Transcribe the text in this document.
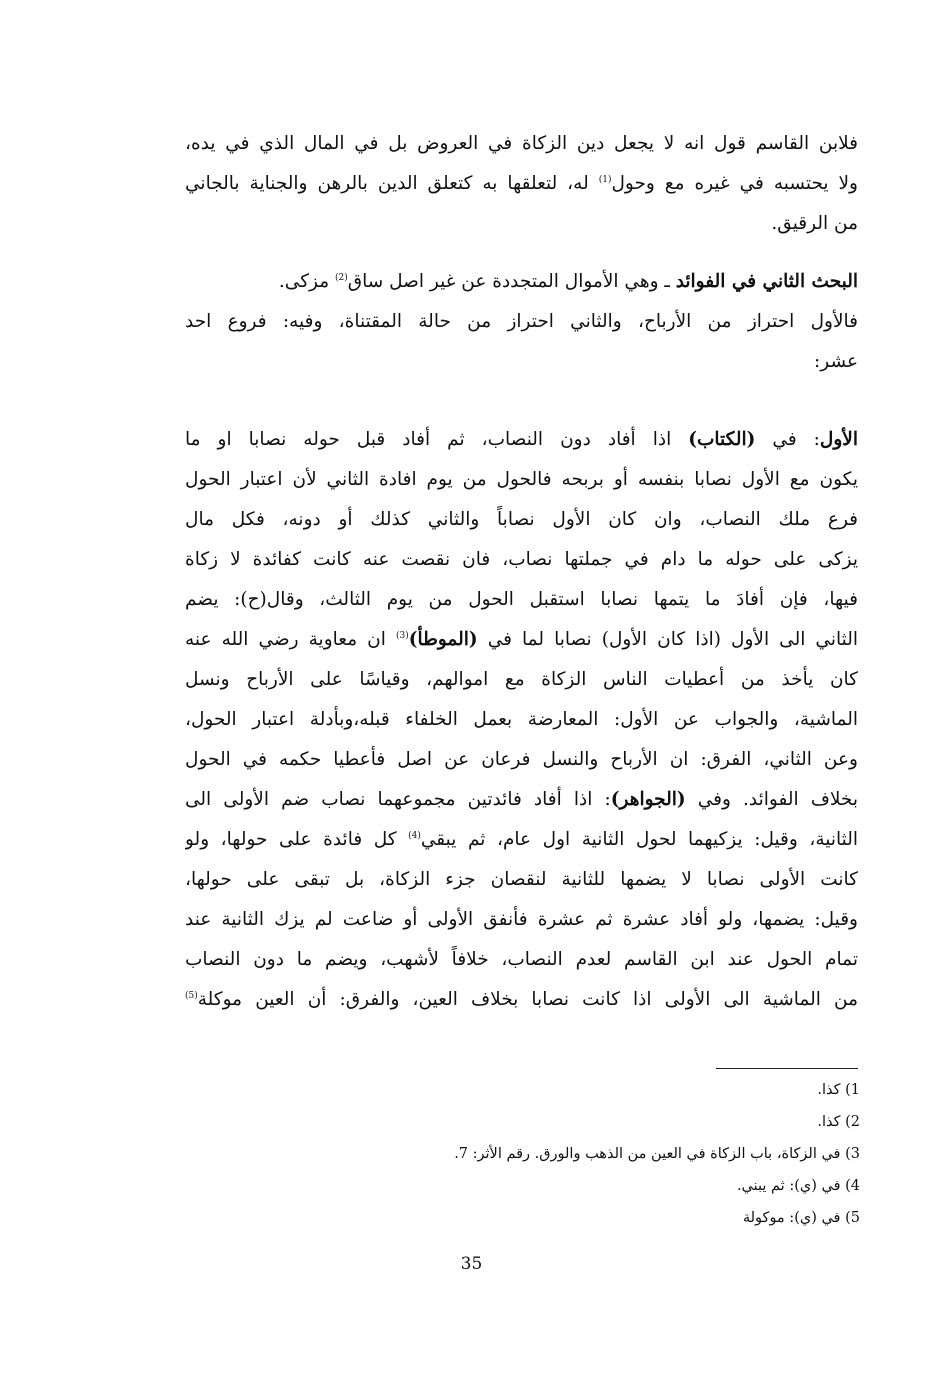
فلابن القاسم قول انه لا يجعل دين الزكاة في العروض بل في المال الذي في يده،
ولا يحتسبه في غيره مع وحول$^{(1)}$ له، لتعلقها به كتعلق الدين بالرهن والجناية بالجاني
من الرقيق.
البحث الثاني في الفوائد ـ وهي الأموال المتجددة عن غير اصل ساق$^{(2)}$ مزكى.
فالأول احتراز من الأرباح، والثاني احتراز من حالة المقتناة، وفيه: فروع احد
عشر:
الأول: في (الكتاب) اذا أفاد دون النصاب، ثم أفاد قبل حوله نصابا او ما
يكون مع الأول نصابا بنفسه أو بربحه فالحول من يوم افادة الثاني لأن اعتبار الحول
فرع ملك النصاب، وان كان الأول نصاباً والثاني كذلك أو دونه، فكل مال
يزكى على حوله ما دام في جملتها نصاب، فان نقصت عنه كانت كفائدة لا زكاة
فيها، فإن أفادَ ما يتمها نصابا استقبل الحول من يوم الثالث، وقال(ح): يضم
الثاني الى الأول (اذا كان الأول) نصابا لما في (الموطأ)$^{(3)}$ ان معاوية رضي الله عنه
كان يأخذ من أعطيات الناس الزكاة مع اموالهم، وقياسًا على الأرباح ونسل
الماشية، والجواب عن الأول: المعارضة بعمل الخلفاء قبله،وبأدلة اعتبار الحول،
وعن الثاني، الفرق: ان الأرباح والنسل فرعان عن اصل فأعطيا حكمه في الحول
بخلاف الفوائد. وفي (الجواهر): اذا أفاد فائدتين مجموعهما نصاب ضم الأولى الى
الثانية، وقيل: يزكيهما لحول الثانية اول عام، ثم يبقي$^{(4)}$ كل فائدة على حولها، ولو
كانت الأولى نصابا لا يضمها للثانية لنقصان جزء الزكاة، بل تبقى على حولها،
وقيل: يضمها، ولو أفاد عشرة ثم عشرة فأنفق الأولى أو ضاعت لم يزك الثانية عند
تمام الحول عند ابن القاسم لعدم النصاب، خلافاً لأشهب، ويضم ما دون النصاب
من الماشية الى الأولى اذا كانت نصابا بخلاف العين، والفرق: أن العين موكلة$^{(5)}$
1) كذا.
2) كذا.
3) في الزكاة، باب الزكاة في العين من الذهب والورق. رقم الأثر: 7.
4) في (ي): ثم يبني.
5) في (ي): موكولة
35
